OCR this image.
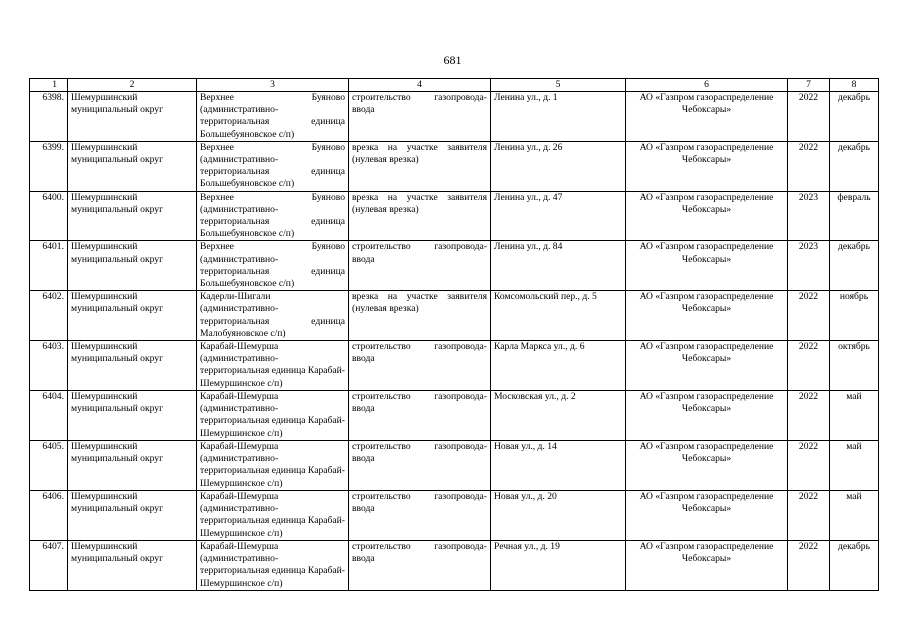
681
1	2	3	4	5	6	7	8
6398.	Шемуршинский муниципальный округ	Верхнее Буяново (административно-территориальная единица Большебуяновское с/п)	строительство газопровода-ввода	Ленина ул., д. 1	АО «Газпром газораспределение Чебоксары»	2022	декабрь
6399.	Шемуршинский муниципальный округ	Верхнее Буяново (административно-территориальная единица Большебуяновское с/п)	врезка на участке заявителя (нулевая врезка)	Ленина ул., д. 26	АО «Газпром газораспределение Чебоксары»	2022	декабрь
6400.	Шемуршинский муниципальный округ	Верхнее Буяново (административно-территориальная единица Большебуяновское с/п)	врезка на участке заявителя (нулевая врезка)	Ленина ул., д. 47	АО «Газпром газораспределение Чебоксары»	2023	февраль
6401.	Шемуршинский муниципальный округ	Верхнее Буяново (административно-территориальная единица Большебуяновское с/п)	строительство газопровода-ввода	Ленина ул., д. 84	АО «Газпром газораспределение Чебоксары»	2023	декабрь
6402.	Шемуршинский муниципальный округ	Кадерли-Шигали (административно-территориальная единица Малобуяновское с/п)	врезка на участке заявителя (нулевая врезка)	Комсомольский пер., д. 5	АО «Газпром газораспределение Чебоксары»	2022	ноябрь
6403.	Шемуршинский муниципальный округ	Карабай-Шемурша (административно-территориальная единица Карабай-Шемуршинское с/п)	строительство газопровода-ввода	Карла Маркса ул., д. 6	АО «Газпром газораспределение Чебоксары»	2022	октябрь
6404.	Шемуршинский муниципальный округ	Карабай-Шемурша (административно-территориальная единица Карабай-Шемуршинское с/п)	строительство газопровода-ввода	Московская ул., д. 2	АО «Газпром газораспределение Чебоксары»	2022	май
6405.	Шемуршинский муниципальный округ	Карабай-Шемурша (административно-территориальная единица Карабай-Шемуршинское с/п)	строительство газопровода-ввода	Новая ул., д. 14	АО «Газпром газораспределение Чебоксары»	2022	май
6406.	Шемуршинский муниципальный округ	Карабай-Шемурша (административно-территориальная единица Карабай-Шемуршинское с/п)	строительство газопровода-ввода	Новая ул., д. 20	АО «Газпром газораспределение Чебоксары»	2022	май
6407.	Шемуршинский муниципальный округ	Карабай-Шемурша (административно-территориальная единица Карабай-Шемуршинское с/п)	строительство газопровода-ввода	Речная ул., д. 19	АО «Газпром газораспределение Чебоксары»	2022	декабрь
